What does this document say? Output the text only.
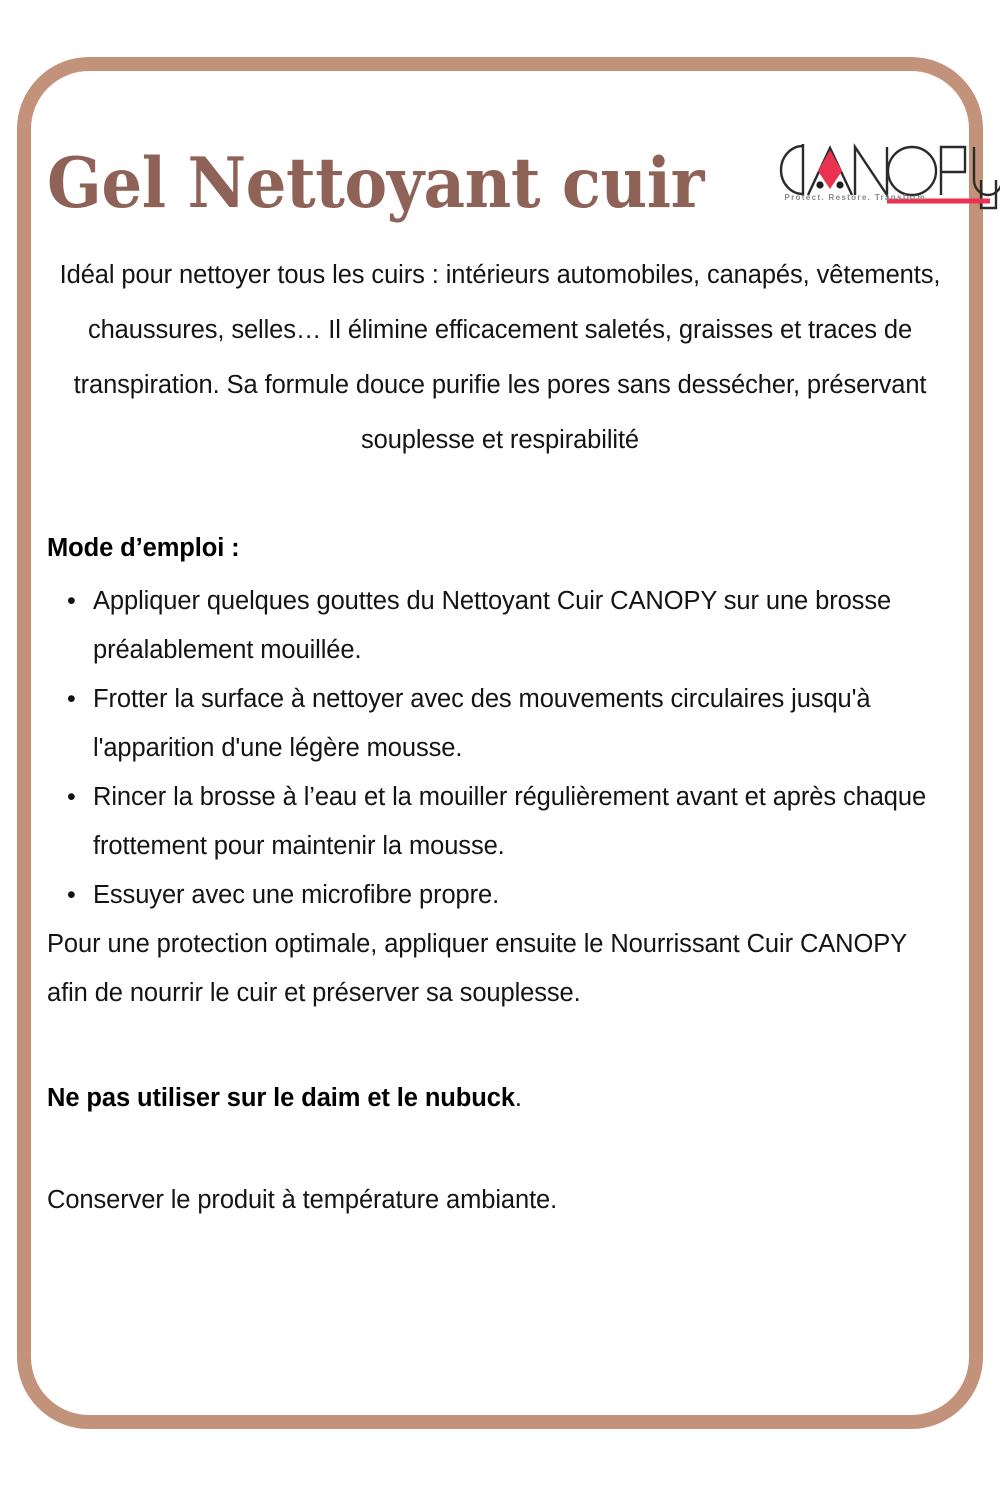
Gel Nettoyant cuir	Protect. Restore. Transform

Idéal pour nettoyer tous les cuirs : intérieurs automobiles, canapés, vêtements, chaussures, selles… Il élimine efficacement saletés, graisses et traces de transpiration. Sa formule douce purifie les pores sans dessécher, préservant souplesse et respirabilité

Mode d’emploi :

• Appliquer quelques gouttes du Nettoyant Cuir CANOPY sur une brosse préalablement mouillée.
• Frotter la surface à nettoyer avec des mouvements circulaires jusqu'à l'apparition d'une légère mousse.
• Rincer la brosse à l’eau et la mouiller régulièrement avant et après chaque frottement pour maintenir la mousse.
• Essuyer avec une microfibre propre.

Pour une protection optimale, appliquer ensuite le Nourrissant Cuir CANOPY afin de nourrir le cuir et préserver sa souplesse.

Ne pas utiliser sur le daim et le nubuck.

Conserver le produit à température ambiante.
